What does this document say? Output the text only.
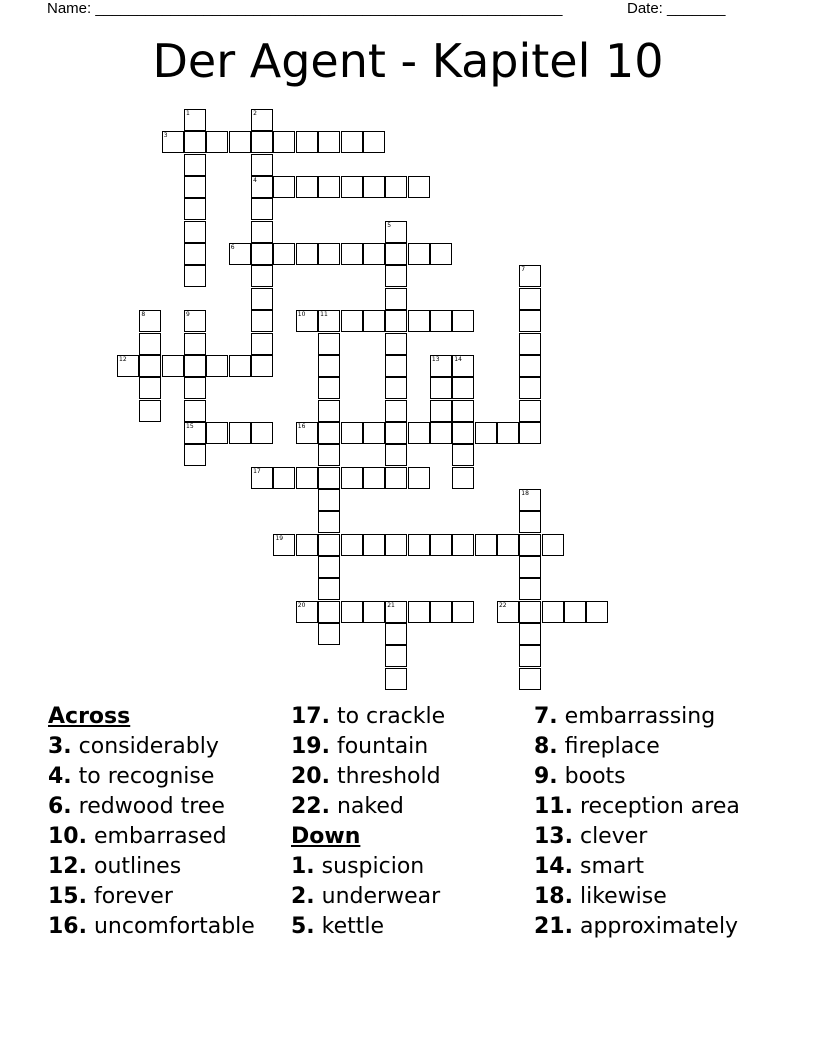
Name: ________________________________________________________	Date: _______
Der Agent - Kapitel 10
1	2
4
3
5
6
7
8	9
15
10 11
12	13 14
16
17
18
19
20	21	22
Across
3. considerably
4. to recognise
6. redwood tree
10. embarrased
12. outlines
15. forever
16. uncomfortable
17. to crackle
19. fountain
20. threshold
22. naked
Down
1. suspicion
2. underwear
5. kettle
7. embarrassing
8. fireplace
9. boots
11. reception area
13. clever
14. smart
18. likewise
21. approximately
